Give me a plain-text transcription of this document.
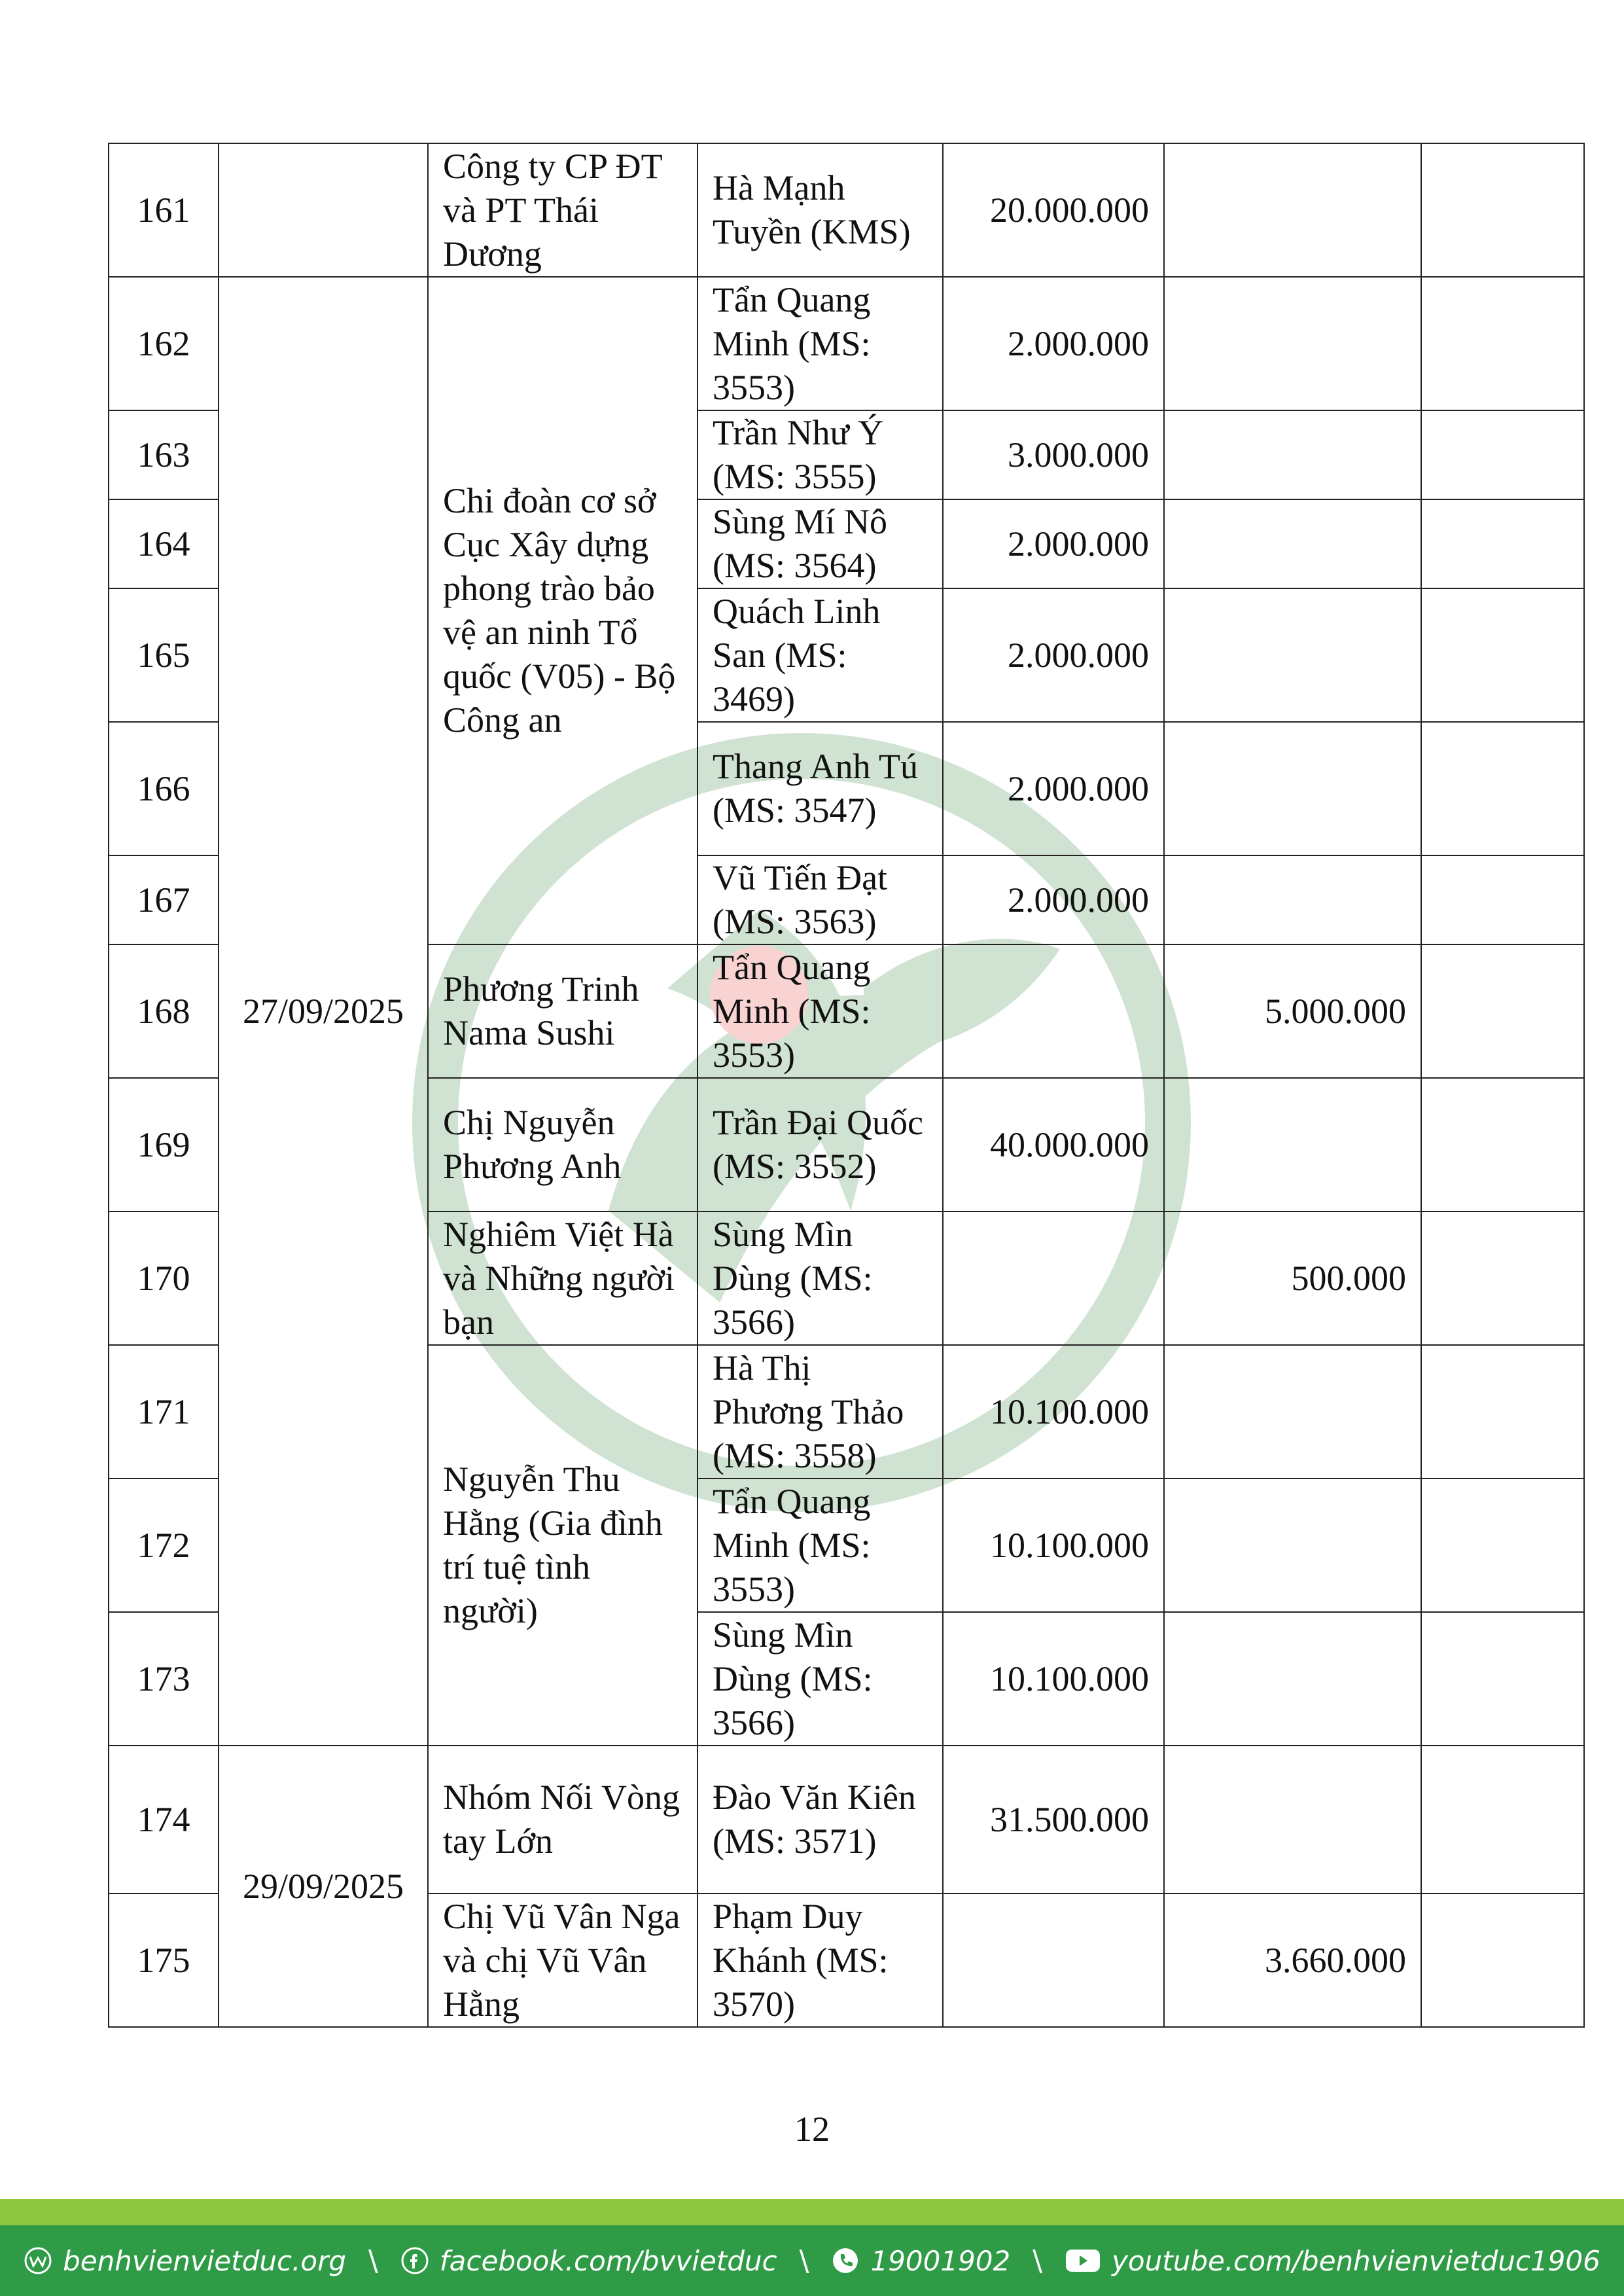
161		Công ty CP ĐT và PT Thái Dương	Hà Mạnh Tuyền (KMS)	20.000.000		
162	27/09/2025	Chi đoàn cơ sở Cục Xây dựng phong trào bảo vệ an ninh Tổ quốc (V05) - Bộ Công an	Tẩn Quang Minh (MS: 3553)	2.000.000		
163			Trần Như Ý (MS: 3555)	3.000.000		
164			Sùng Mí Nô (MS: 3564)	2.000.000		
165			Quách Linh San (MS: 3469)	2.000.000		
166			Thang Anh Tú (MS: 3547)	2.000.000		
167			Vũ Tiến Đạt (MS: 3563)	2.000.000		
168		Phương Trinh Nama Sushi	Tẩn Quang Minh (MS: 3553)		5.000.000	
169		Chị Nguyễn Phương Anh	Trần Đại Quốc (MS: 3552)	40.000.000		
170		Nghiêm Việt Hà và Những người bạn	Sùng Mìn Dùng (MS: 3566)		500.000	
171		Nguyễn Thu Hằng (Gia đình trí tuệ tình người)	Hà Thị Phương Thảo (MS: 3558)	10.100.000		
172			Tẩn Quang Minh (MS: 3553)	10.100.000		
173			Sùng Mìn Dùng (MS: 3566)	10.100.000		
174	29/09/2025	Nhóm Nối Vòng tay Lớn	Đào Văn Kiên (MS: 3571)	31.500.000		
175		Chị Vũ Vân Nga và chị Vũ Vân Hằng	Phạm Duy Khánh (MS: 3570)		3.660.000	
12
benhvienvietduc.org \ facebook.com/bvvietduc \ 19001902 \	youtube.com/benhvienvietduc1906
